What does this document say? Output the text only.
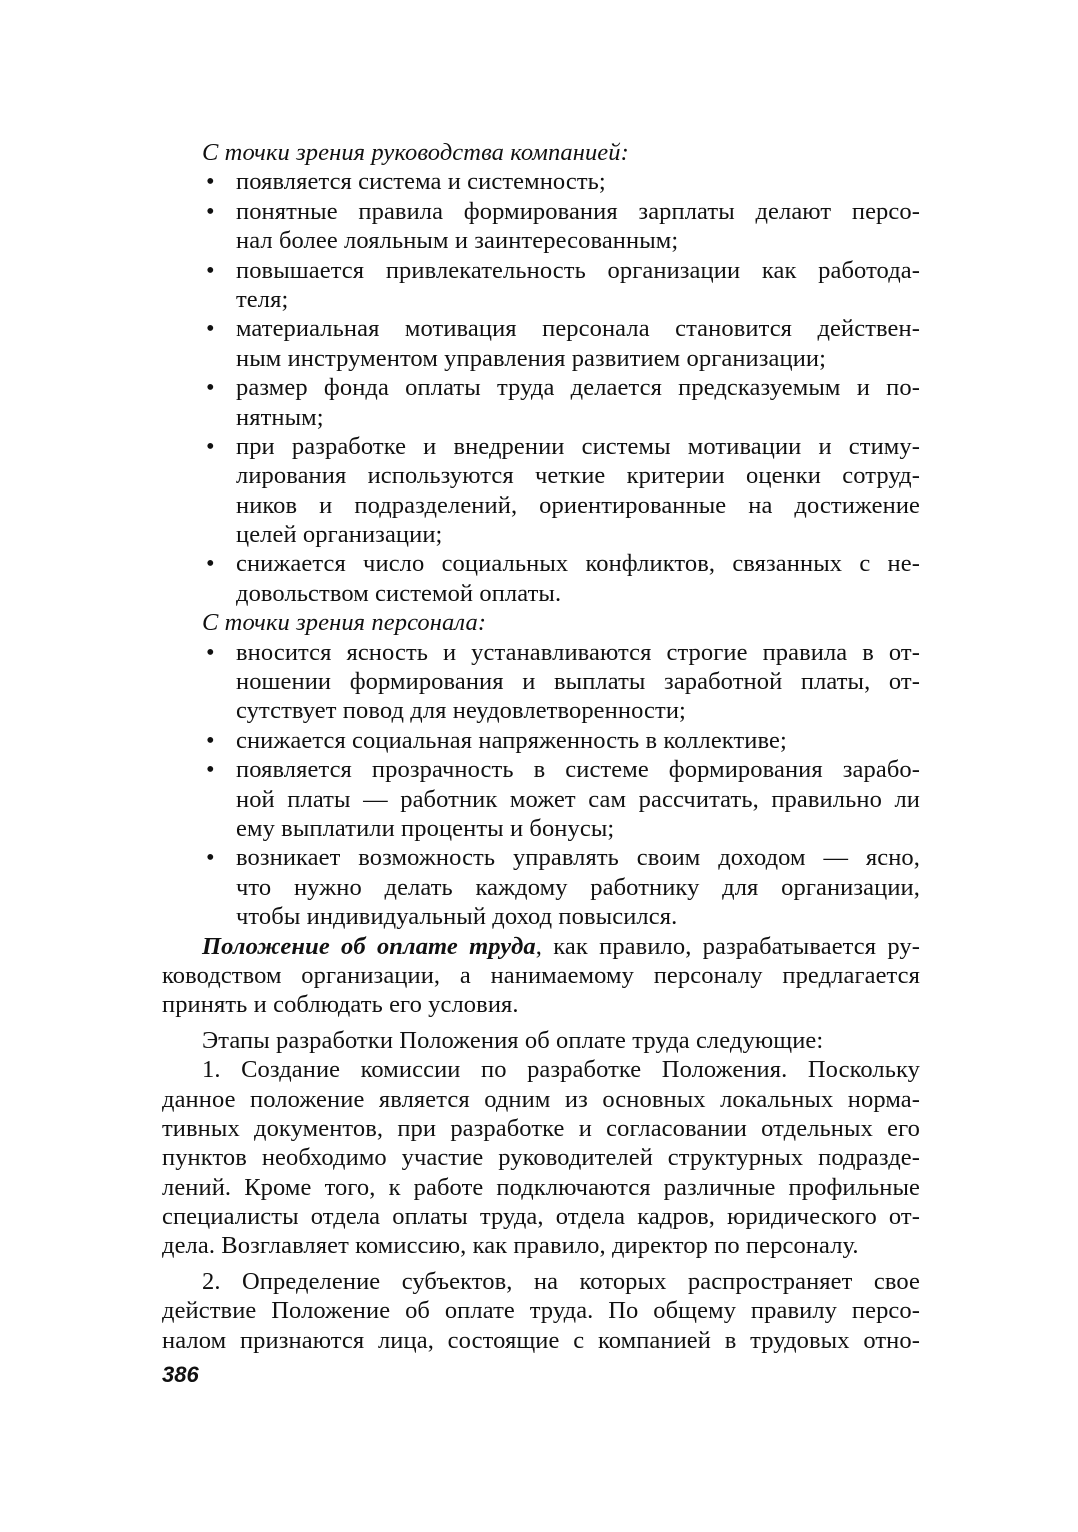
С точки зрения руководства компанией:
• появляется система и системность;
• понятные правила формирования зарплаты делают персо-
нал более лояльным и заинтересованным;
• повышается привлекательность организации как работода-
теля;
• материальная мотивация персонала становится действен-
ным инструментом управления развитием организации;
• размер фонда оплаты труда делается предсказуемым и по-
нятным;
• при разработке и внедрении системы мотивации и стиму-
лирования используются четкие критерии оценки сотруд-
ников и подразделений, ориентированные на достижение
целей организации;
• снижается число социальных конфликтов, связанных с не-
довольством системой оплаты.
С точки зрения персонала:
• вносится ясность и устанавливаются строгие правила в от-
ношении формирования и выплаты заработной платы, от-
сутствует повод для неудовлетворенности;
• снижается социальная напряженность в коллективе;
• появляется прозрачность в системе формирования зарабо-
ной платы — работник может сам рассчитать, правильно ли
ему выплатили проценты и бонусы;
• возникает возможность управлять своим доходом — ясно,
что нужно делать каждому работнику для организации,
чтобы индивидуальный доход повысился.
Положение об оплате труда, как правило, разрабатывается ру-
ководством организации, а нанимаемому персоналу предлагается
принять и соблюдать его условия.
Этапы разработки Положения об оплате труда следующие:
1. Создание комиссии по разработке Положения. Поскольку
данное положение является одним из основных локальных норма-
тивных документов, при разработке и согласовании отдельных его
пунктов необходимо участие руководителей структурных подразде-
лений. Кроме того, к работе подключаются различные профильные
специалисты отдела оплаты труда, отдела кадров, юридического от-
дела. Возглавляет комиссию, как правило, директор по персоналу.
2. Определение субъектов, на которых распространяет свое
действие Положение об оплате труда. По общему правилу персо-
налом признаются лица, состоящие с компанией в трудовых отно-
386
